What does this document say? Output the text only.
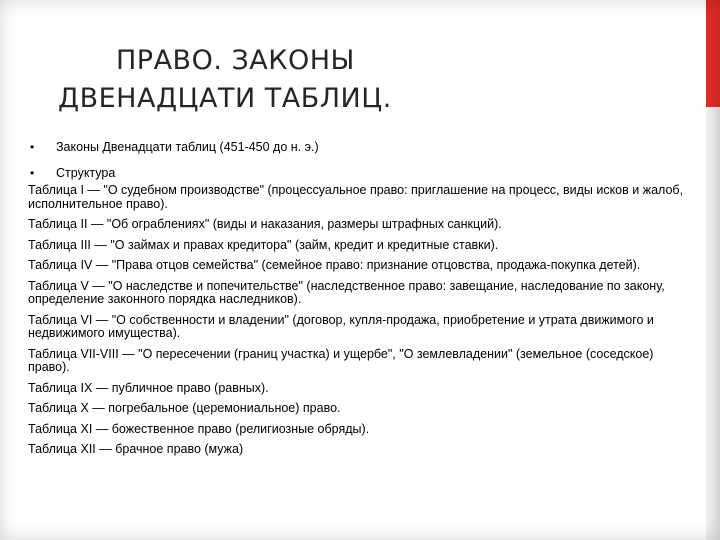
ПРАВО. ЗАКОНЫ
ДВЕНАДЦАТИ ТАБЛИЦ.
• Законы Двенадцати таблиц (451-450 до н. э.)
• Структура

Таблица I — "О судебном производстве" (процессуальное право: приглашение на процесс, виды исков и жалоб, исполнительное право).

Таблица II — "Об ограблениях" (виды и наказания, размеры штрафных санкций).

Таблица III — "О займах и правах кредитора" (займ, кредит и кредитные ставки).

Таблица IV — "Права отцов семейства" (семейное право: признание отцовства, продажа-покупка детей).

Таблица V — "О наследстве и попечительстве" (наследственное право: завещание, наследование по закону, определение законного порядка наследников).

Таблица VI — "О собственности и владении" (договор, купля-продажа, приобретение и утрата движимого и недвижимого имущества).

Таблица VII-VIII — "О пересечении (границ участка) и ущербе", "О землевладении" (земельное (соседское) право).

Таблица IX — публичное право (равных).

Таблица X — погребальное (церемониальное) право.

Таблица XI — божественное право (религиозные обряды).

Таблица XII — брачное право (мужа)
